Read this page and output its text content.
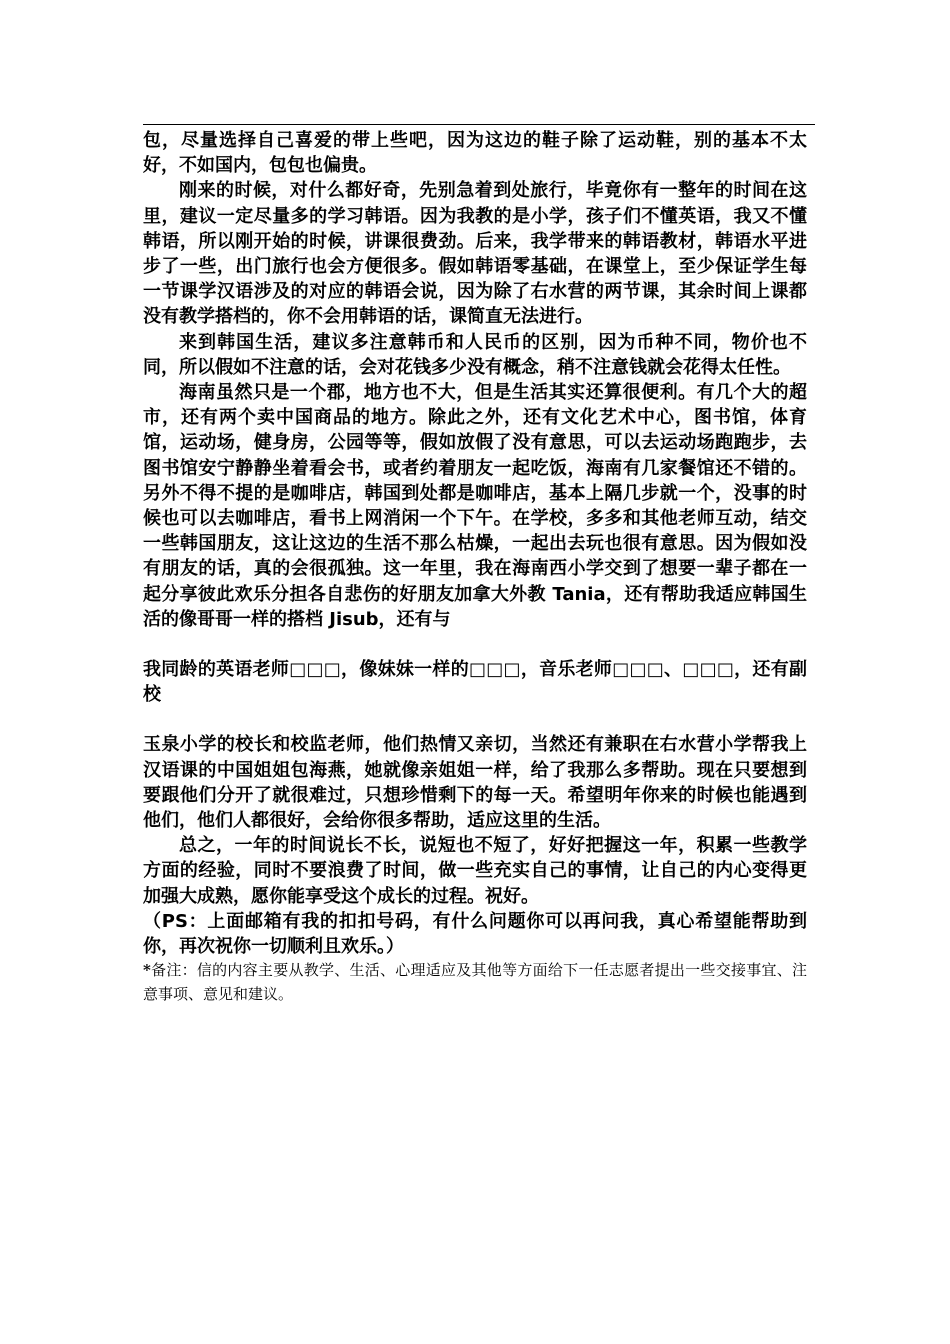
包，尽量选择自己喜爱的带上些吧，因为这边的鞋子除了运动鞋，别的基本不太好，不如国内，包包也偏贵。

刚来的时候，对什么都好奇，先别急着到处旅行，毕竟你有一整年的时间在这里，建议一定尽量多的学习韩语。因为我教的是小学，孩子们不懂英语，我又不懂韩语，所以刚开始的时候，讲课很费劲。后来，我学带来的韩语教材，韩语水平进步了一些，出门旅行也会方便很多。假如韩语零基础，在课堂上，至少保证学生每一节课学汉语涉及的对应的韩语会说，因为除了右水营的两节课，其余时间上课都没有教学搭档的，你不会用韩语的话，课简直无法进行。

来到韩国生活，建议多注意韩币和人民币的区别，因为币种不同，物价也不同，所以假如不注意的话，会对花钱多少没有概念，稍不注意钱就会花得太任性。

海南虽然只是一个郡，地方也不大，但是生活其实还算很便利。有几个大的超市，还有两个卖中国商品的地方。除此之外，还有文化艺术中心，图书馆，体育馆，运动场，健身房，公园等等，假如放假了没有意思，可以去运动场跑跑步，去图书馆安宁静静坐着看会书，或者约着朋友一起吃饭，海南有几家餐馆还不错的。另外不得不提的是咖啡店，韩国到处都是咖啡店，基本上隔几步就一个，没事的时候也可以去咖啡店，看书上网消闲一个下午。在学校，多多和其他老师互动，结交一些韩国朋友，这让这边的生活不那么枯燥，一起出去玩也很有意思。因为假如没有朋友的话，真的会很孤独。这一年里，我在海南西小学交到了想要一辈子都在一起分享彼此欢乐分担各自悲伤的好朋友加拿大外教 Tania，还有帮助我适应韩国生活的像哥哥一样的搭档 Jisub，还有与

我同龄的英语老师□□□，像妹妹一样的□□□，音乐老师□□□、□□□，还有副校

玉泉小学的校长和校监老师，他们热情又亲切，当然还有兼职在右水营小学帮我上汉语课的中国姐姐包海燕，她就像亲姐姐一样，给了我那么多帮助。现在只要想到要跟他们分开了就很难过，只想珍惜剩下的每一天。希望明年你来的时候也能遇到他们，他们人都很好，会给你很多帮助，适应这里的生活。

总之，一年的时间说长不长，说短也不短了，好好把握这一年，积累一些教学方面的经验，同时不要浪费了时间，做一些充实自己的事情，让自己的内心变得更加强大成熟，愿你能享受这个成长的过程。祝好。

（PS：上面邮箱有我的扣扣号码，有什么问题你可以再问我，真心希望能帮助到你，再次祝你一切顺利且欢乐。）

*备注：信的内容主要从教学、生活、心理适应及其他等方面给下一任志愿者提出一些交接事宜、注意事项、意见和建议。
